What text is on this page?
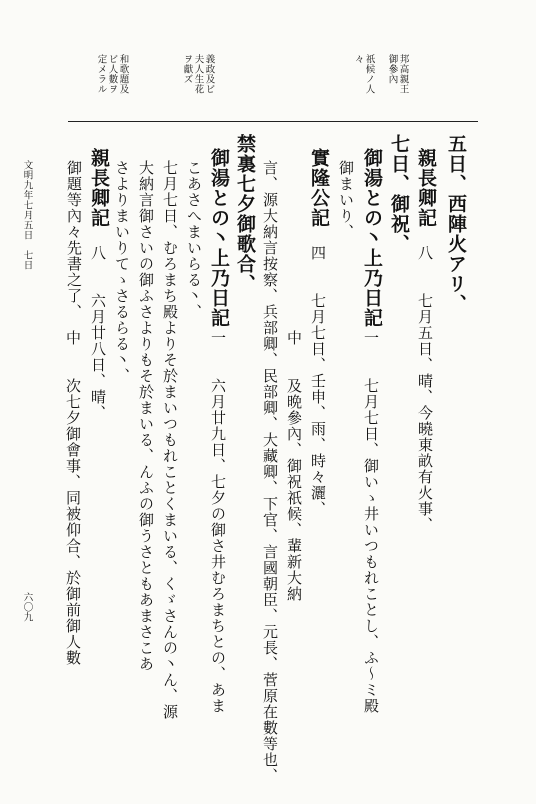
邦高親王
御參內
祇候ノ人
々
義政及ビ
夫人生花
ヲ獻ズ
和歌題及
ビ人數ヲ
定メラル
五日、西陣火アリ、
親長卿記
八　　七月五日、晴、今曉東畝有火事、
七日、御祝、
御湯との丶上乃日記
一　　七月七日、御いゝ井いつもれことし、ふ〜ミ殿
御まいり、
實隆公記
四　　七月七日、壬申、雨、時々灑、
中　　及晩參內、御祝祇候、輩新大納
言、源大納言按察、兵部卿、民部卿、大藏卿、下官、言國朝臣、元長、菅原在數等也、
禁裏七夕御歌合、
御湯との丶上乃日記
一　　六月廿九日、七夕の御さ井むろまちとの、あま
こあさへまいらる丶、
七月七日、むろまち殿よりそ於まいつもれことくまいる、くゞさんの丶ん、源
大納言御さいの御ふさよりもそ於まいる、んふの御うさともあまさこあ
さよりまいりてゝさるらる丶、
親長卿記
八　　六月廿八日、晴、
中　　次七夕御會事、同被仰合、於御前御人數
御題等內々先書之了、
文明九年七月五日　七日
六〇九
